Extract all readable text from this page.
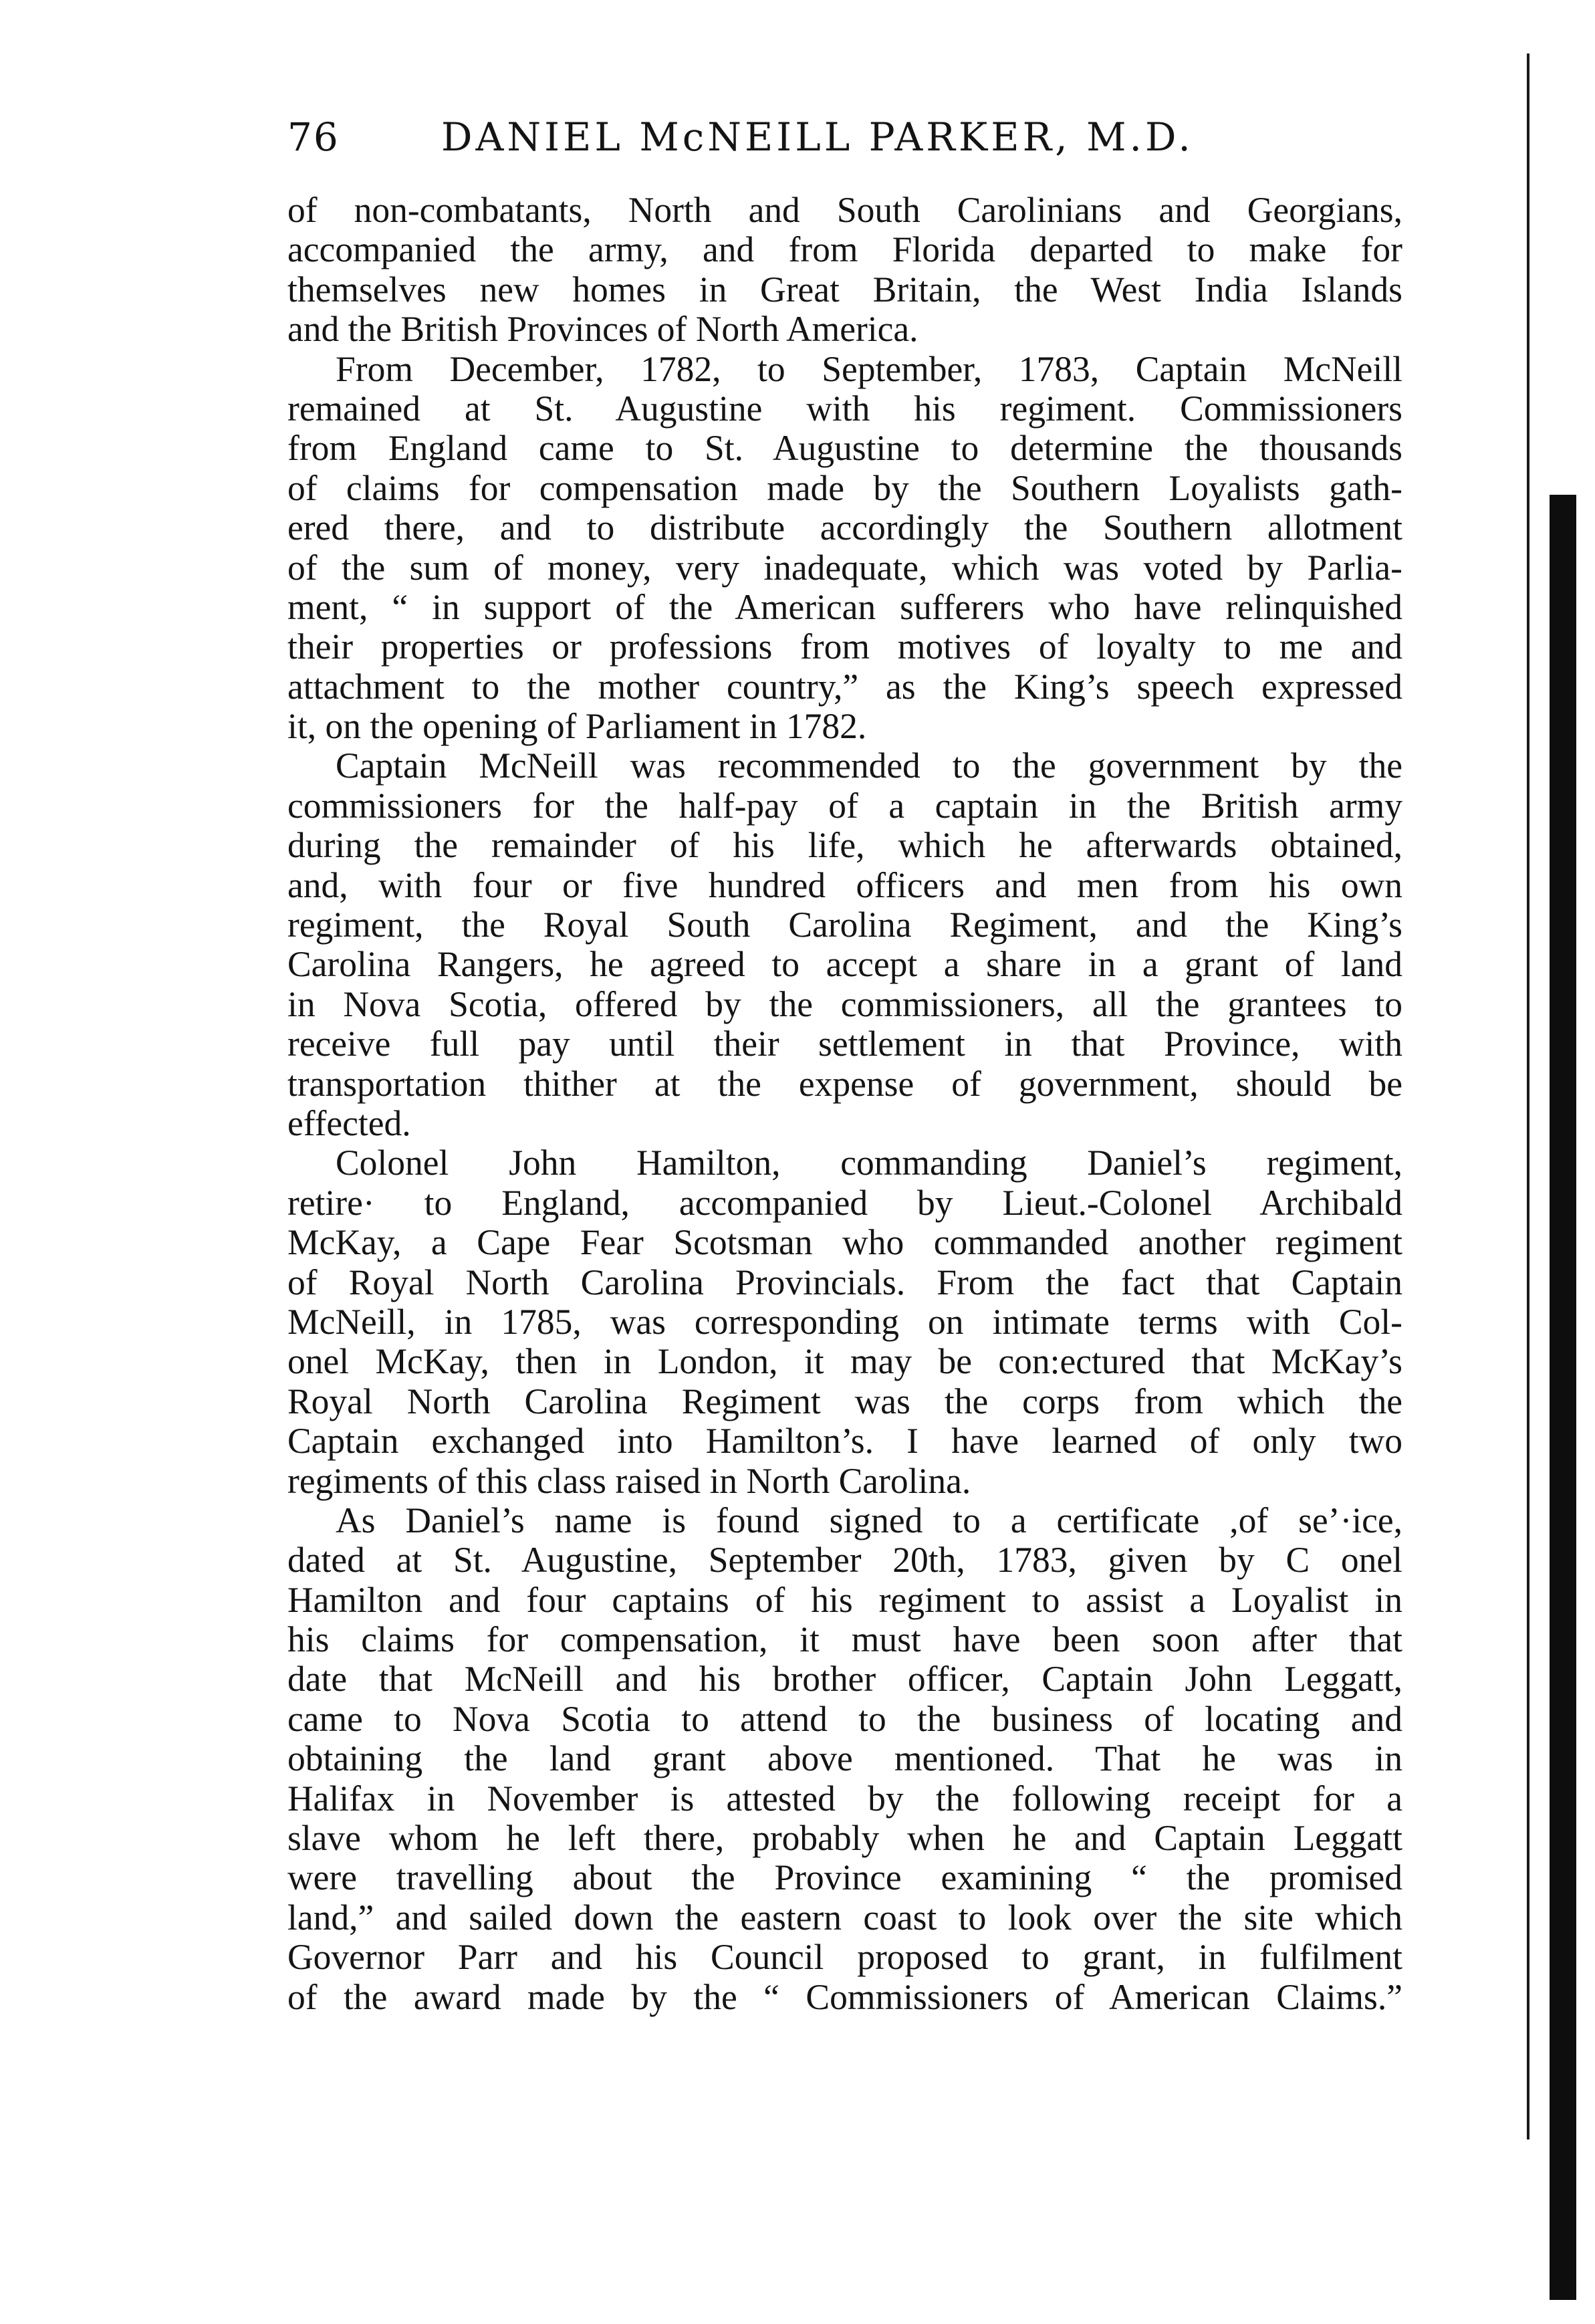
76	DANIEL McNEILL PARKER, M.D.
of non-combatants, North and South Carolinians and Georgians,
accompanied the army, and from Florida departed to make for
themselves new homes in Great Britain, the West India Islands
and the British Provinces of North America.
From December, 1782, to September, 1783, Captain McNeill
remained at St. Augustine with his regiment. Commissioners
from England came to St. Augustine to determine the thousands
of claims for compensation made by the Southern Loyalists gath-
ered there, and to distribute accordingly the Southern allotment
of the sum of money, very inadequate, which was voted by Parlia-
ment, “ in support of the American sufferers who have relinquished
their properties or professions from motives of loyalty to me and
attachment to the mother country,” as the King’s speech expressed
it, on the opening of Parliament in 1782.
Captain McNeill was recommended to the government by the
commissioners for the half-pay of a captain in the British army
during the remainder of his life, which he afterwards obtained,
and, with four or five hundred officers and men from his own
regiment, the Royal South Carolina Regiment, and the King’s
Carolina Rangers, he agreed to accept a share in a grant of land
in Nova Scotia, offered by the commissioners, all the grantees to
receive full pay until their settlement in that Province, with
transportation thither at the expense of government, should be
effected.
Colonel John Hamilton, commanding Daniel’s regiment,
retire· to England, accompanied by Lieut.-Colonel Archibald
McKay, a Cape Fear Scotsman who commanded another regiment
of Royal North Carolina Provincials. From the fact that Captain
McNeill, in 1785, was corresponding on intimate terms with Col-
onel McKay, then in London, it may be con:ectured that McKay’s
Royal North Carolina Regiment was the corps from which the
Captain exchanged into Hamilton’s. I have learned of only two
regiments of this class raised in North Carolina.
As Daniel’s name is found signed to a certificate ,of se’·ice,
dated at St. Augustine, September 20th, 1783, given by C onel
Hamilton and four captains of his regiment to assist a Loyalist in
his claims for compensation, it must have been soon after that
date that McNeill and his brother officer, Captain John Leggatt,
came to Nova Scotia to attend to the business of locating and
obtaining the land grant above mentioned. That he was in
Halifax in November is attested by the following receipt for a
slave whom he left there, probably when he and Captain Leggatt
were travelling about the Province examining “ the promised
land,” and sailed down the eastern coast to look over the site which
Governor Parr and his Council proposed to grant, in fulfilment
of the award made by the “ Commissioners of American Claims.”
